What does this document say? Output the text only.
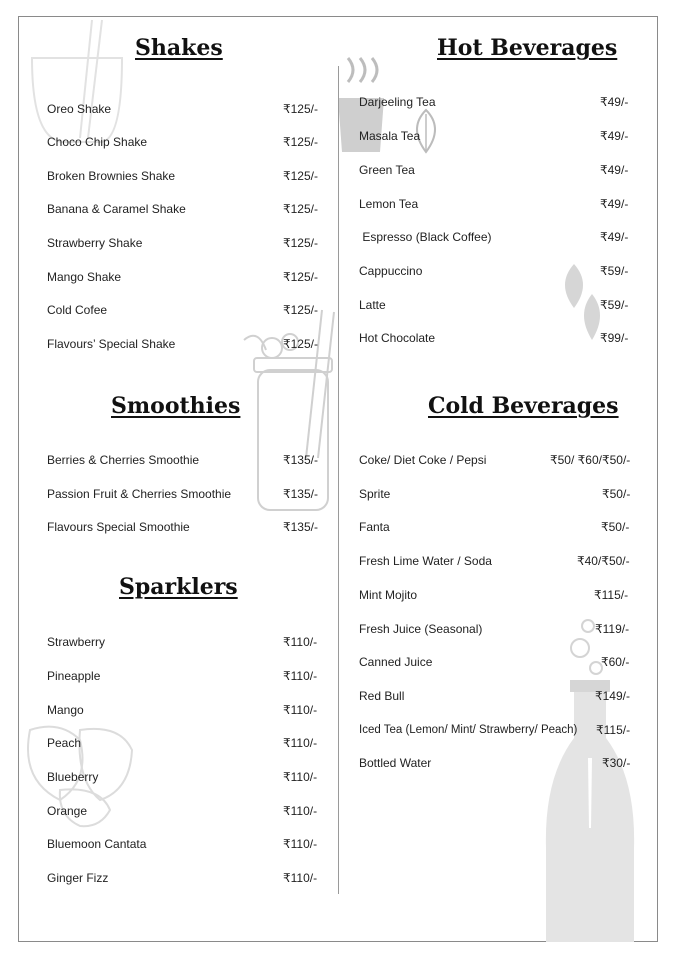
Shakes
Smoothies
Sparklers
Hot Beverages
Cold Beverages
Oreo Shake	₹125/-
Choco Chip Shake	₹125/-
Broken Brownies Shake	₹125/-
Banana & Caramel Shake	₹125/-
Strawberry Shake	₹125/-
Mango Shake	₹125/-
Cold Cofee	₹125/-
Flavours’ Special Shake	₹125/-
Berries & Cherries Smoothie	₹135/-
Passion Fruit & Cherries Smoothie	₹135/-
Flavours Special Smoothie	₹135/-
Strawberry	₹110/-
Pineapple	₹110/-
Mango	₹110/-
Peach	₹110/-
Blueberry	₹110/-
Orange	₹110/-
Bluemoon Cantata	₹110/-
Ginger Fizz	₹110/-
Darjeeling Tea	₹49/-
Masala Tea	₹49/-
Green Tea	₹49/-
Lemon Tea	₹49/-
Espresso (Black Coffee)	₹49/-
Cappuccino	₹59/-
Latte	₹59/-
Hot Chocolate	₹99/-
Coke/ Diet Coke / Pepsi	₹50/ ₹60/₹50/-
Sprite	₹50/-
Fanta	₹50/-
Fresh Lime Water / Soda	₹40/₹50/-
Mint Mojito	₹115/-
Fresh Juice (Seasonal)	₹119/-
Canned Juice	₹60/-
Red Bull	₹149/-
Iced Tea (Lemon/ Mint/ Strawberry/ Peach) ₹115/-
Bottled Water	₹30/-
